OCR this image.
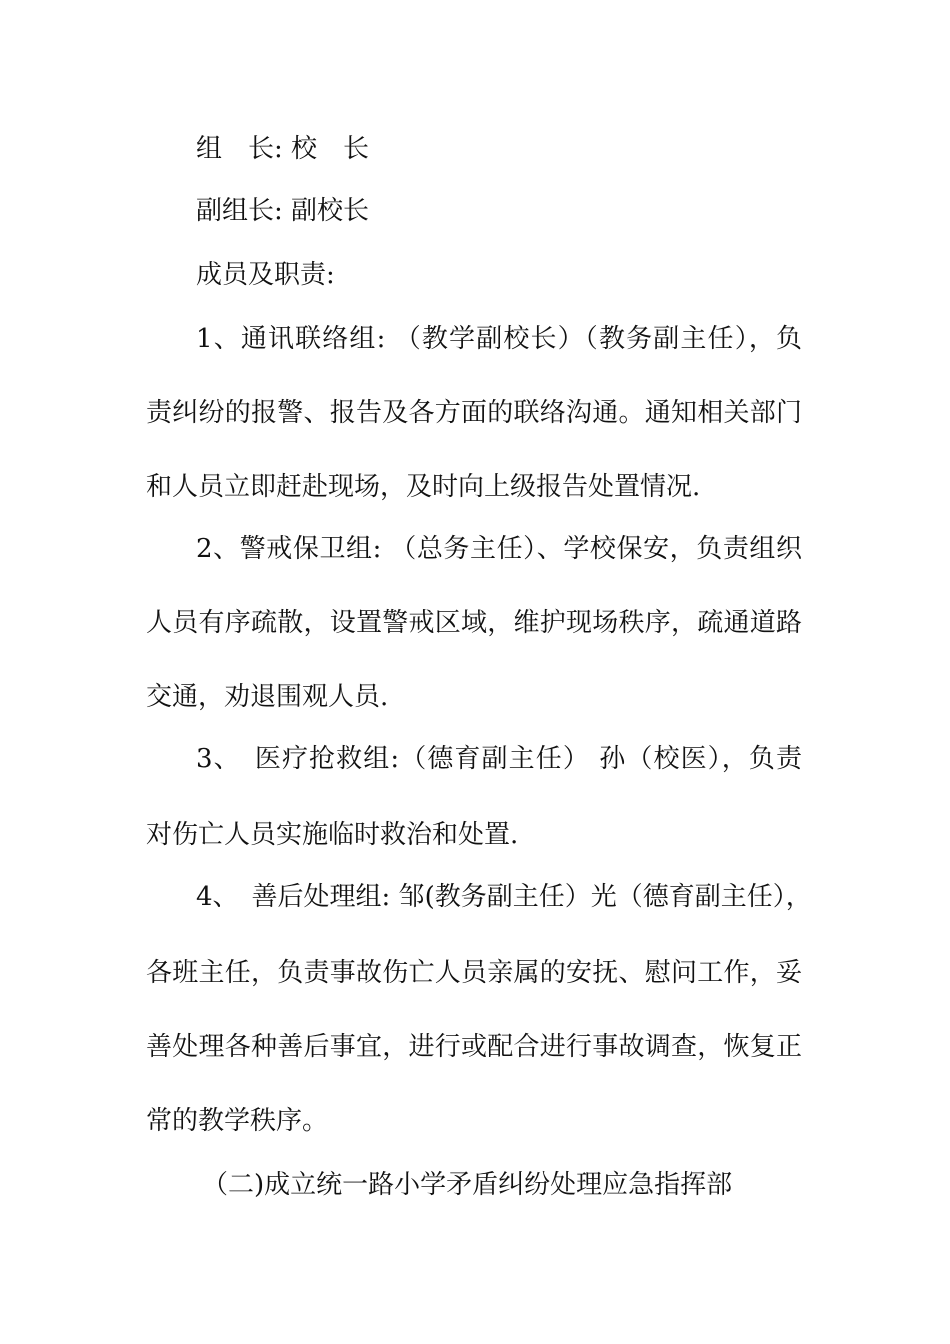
组　长: 校　长
副组长: 副校长
成员及职责:
1、通讯联络组: （教学副校长）（教务副主任），负
责纠纷的报警、报告及各方面的联络沟通。通知相关部门
和人员立即赶赴现场，及时向上级报告处置情况.
2、警戒保卫组: （总务主任）、学校保安，负责组织
人员有序疏散，设置警戒区域，维护现场秩序，疏通道路
交通，劝退围观人员.
3、　医疗抢救组:（德育副主任） 孙（校医），负责
对伤亡人员实施临时救治和处置.
4、　善后处理组: 邹(教务副主任）光（德育副主任），
各班主任，负责事故伤亡人员亲属的安抚、慰问工作，妥
善处理各种善后事宜，进行或配合进行事故调查，恢复正
常的教学秩序。
（二)成立统一路小学矛盾纠纷处理应急指挥部
